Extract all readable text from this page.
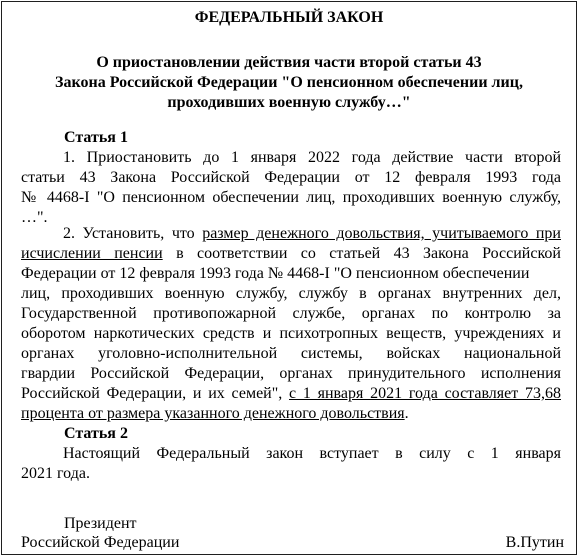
ФЕДЕРАЛЬНЫЙ ЗАКОН
О приостановлении действия части второй статьи 43
Закона Российской Федерации "О пенсионном обеспечении лиц,
проходивших военную службу…"
Статья 1
1. Приостановить до 1 января 2022 года действие части второй
статьи 43 Закона Российской Федерации от 12 февраля 1993 года
№ 4468-I "О пенсионном обеспечении лиц, проходивших военную службу,
…".
2. Установить, что размер денежного довольствия, учитываемого при
исчислении пенсии в соответствии со статьей 43 Закона Российской
Федерации от 12 февраля 1993 года № 4468-I "О пенсионном обеспечении
лиц, проходивших военную службу, службу в органах внутренних дел,
Государственной противопожарной службе, органах по контролю за
оборотом наркотических средств и психотропных веществ, учреждениях и
органах уголовно-исполнительной системы, войсках национальной
гвардии Российской Федерации, органах принудительного исполнения
Российской Федерации, и их семей", с 1 января 2021 года составляет 73,68
процента от размера указанного денежного довольствия.
Статья 2
Настоящий Федеральный закон вступает в силу с 1 января
2021 года.
Президент
Российской Федерации	В.Путин
